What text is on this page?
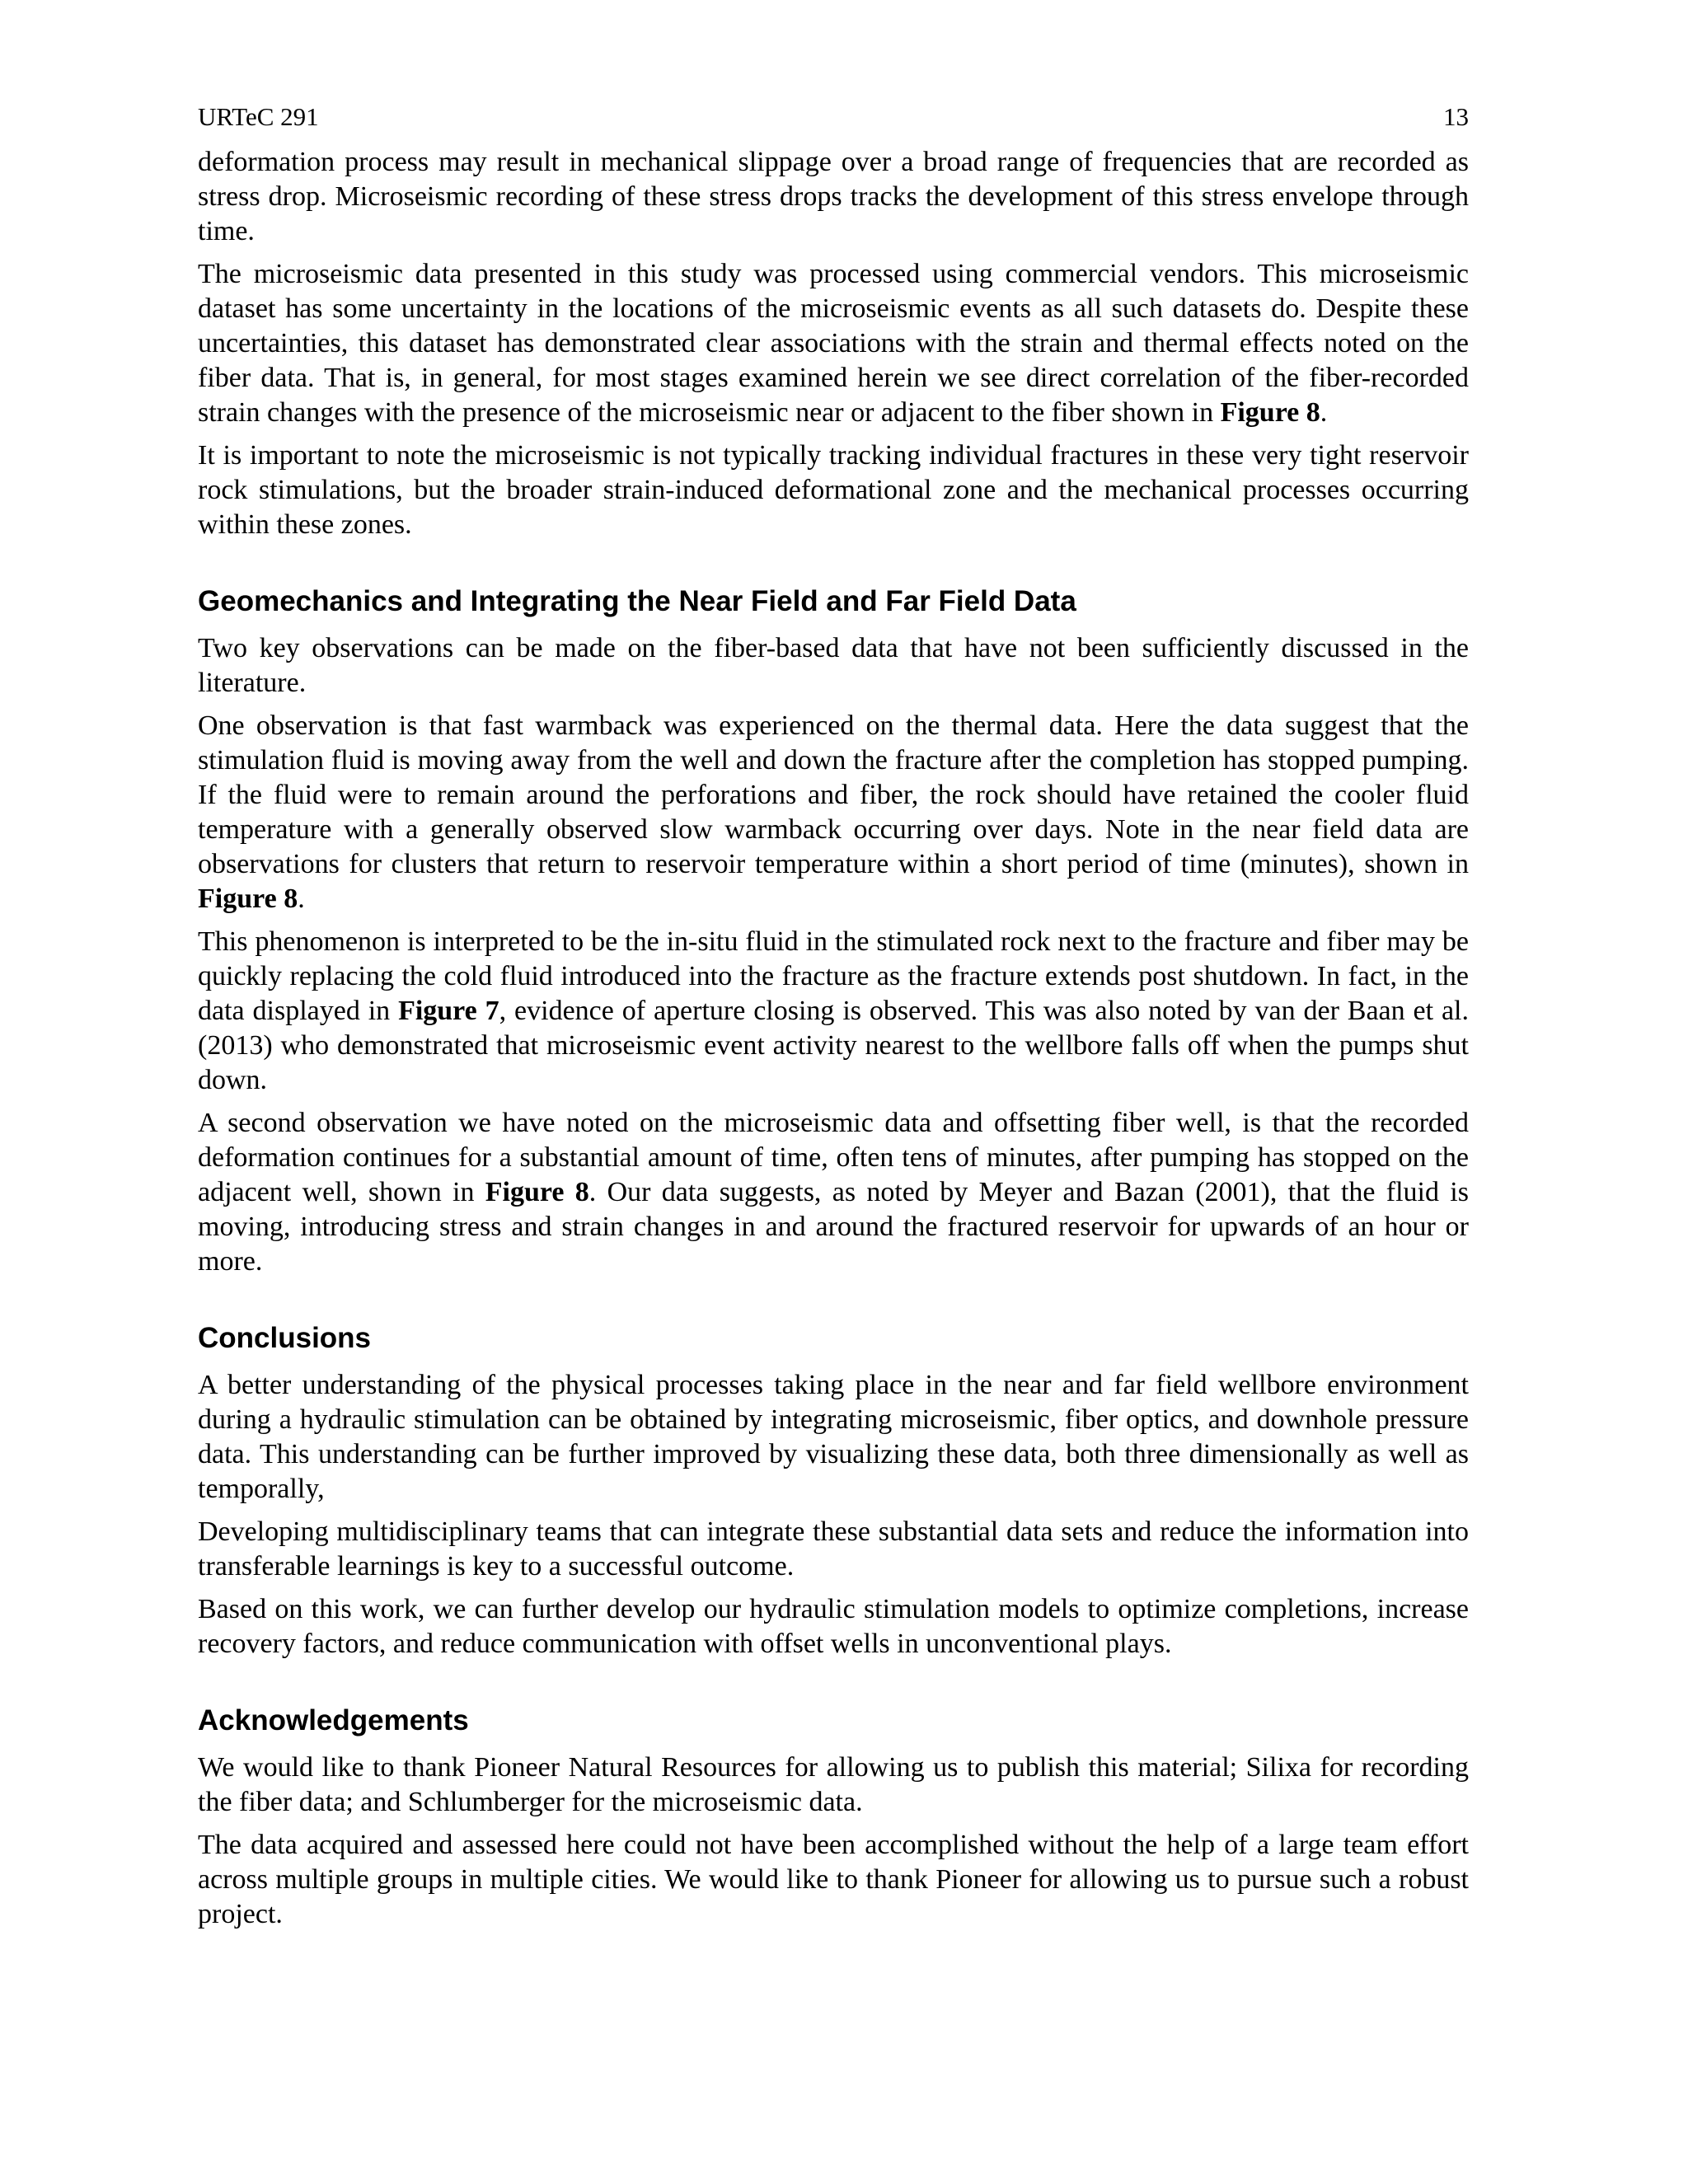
URTeC 291	13

deformation process may result in mechanical slippage over a broad range of frequencies that are recorded as stress drop. Microseismic recording of these stress drops tracks the development of this stress envelope through time.

The microseismic data presented in this study was processed using commercial vendors. This microseismic dataset has some uncertainty in the locations of the microseismic events as all such datasets do. Despite these uncertainties, this dataset has demonstrated clear associations with the strain and thermal effects noted on the fiber data. That is, in general, for most stages examined herein we see direct correlation of the fiber-recorded strain changes with the presence of the microseismic near or adjacent to the fiber shown in Figure 8.

It is important to note the microseismic is not typically tracking individual fractures in these very tight reservoir rock stimulations, but the broader strain-induced deformational zone and the mechanical processes occurring within these zones.

Geomechanics and Integrating the Near Field and Far Field Data

Two key observations can be made on the fiber-based data that have not been sufficiently discussed in the literature.

One observation is that fast warmback was experienced on the thermal data. Here the data suggest that the stimulation fluid is moving away from the well and down the fracture after the completion has stopped pumping. If the fluid were to remain around the perforations and fiber, the rock should have retained the cooler fluid temperature with a generally observed slow warmback occurring over days. Note in the near field data are observations for clusters that return to reservoir temperature within a short period of time (minutes), shown in Figure 8.

This phenomenon is interpreted to be the in-situ fluid in the stimulated rock next to the fracture and fiber may be quickly replacing the cold fluid introduced into the fracture as the fracture extends post shutdown. In fact, in the data displayed in Figure 7, evidence of aperture closing is observed. This was also noted by van der Baan et al. (2013) who demonstrated that microseismic event activity nearest to the wellbore falls off when the pumps shut down.

A second observation we have noted on the microseismic data and offsetting fiber well, is that the recorded deformation continues for a substantial amount of time, often tens of minutes, after pumping has stopped on the adjacent well, shown in Figure 8. Our data suggests, as noted by Meyer and Bazan (2001), that the fluid is moving, introducing stress and strain changes in and around the fractured reservoir for upwards of an hour or more.

Conclusions

A better understanding of the physical processes taking place in the near and far field wellbore environment during a hydraulic stimulation can be obtained by integrating microseismic, fiber optics, and downhole pressure data. This understanding can be further improved by visualizing these data, both three dimensionally as well as temporally,

Developing multidisciplinary teams that can integrate these substantial data sets and reduce the information into transferable learnings is key to a successful outcome.

Based on this work, we can further develop our hydraulic stimulation models to optimize completions, increase recovery factors, and reduce communication with offset wells in unconventional plays.

Acknowledgements

We would like to thank Pioneer Natural Resources for allowing us to publish this material; Silixa for recording the fiber data; and Schlumberger for the microseismic data.

The data acquired and assessed here could not have been accomplished without the help of a large team effort across multiple groups in multiple cities. We would like to thank Pioneer for allowing us to pursue such a robust project.
